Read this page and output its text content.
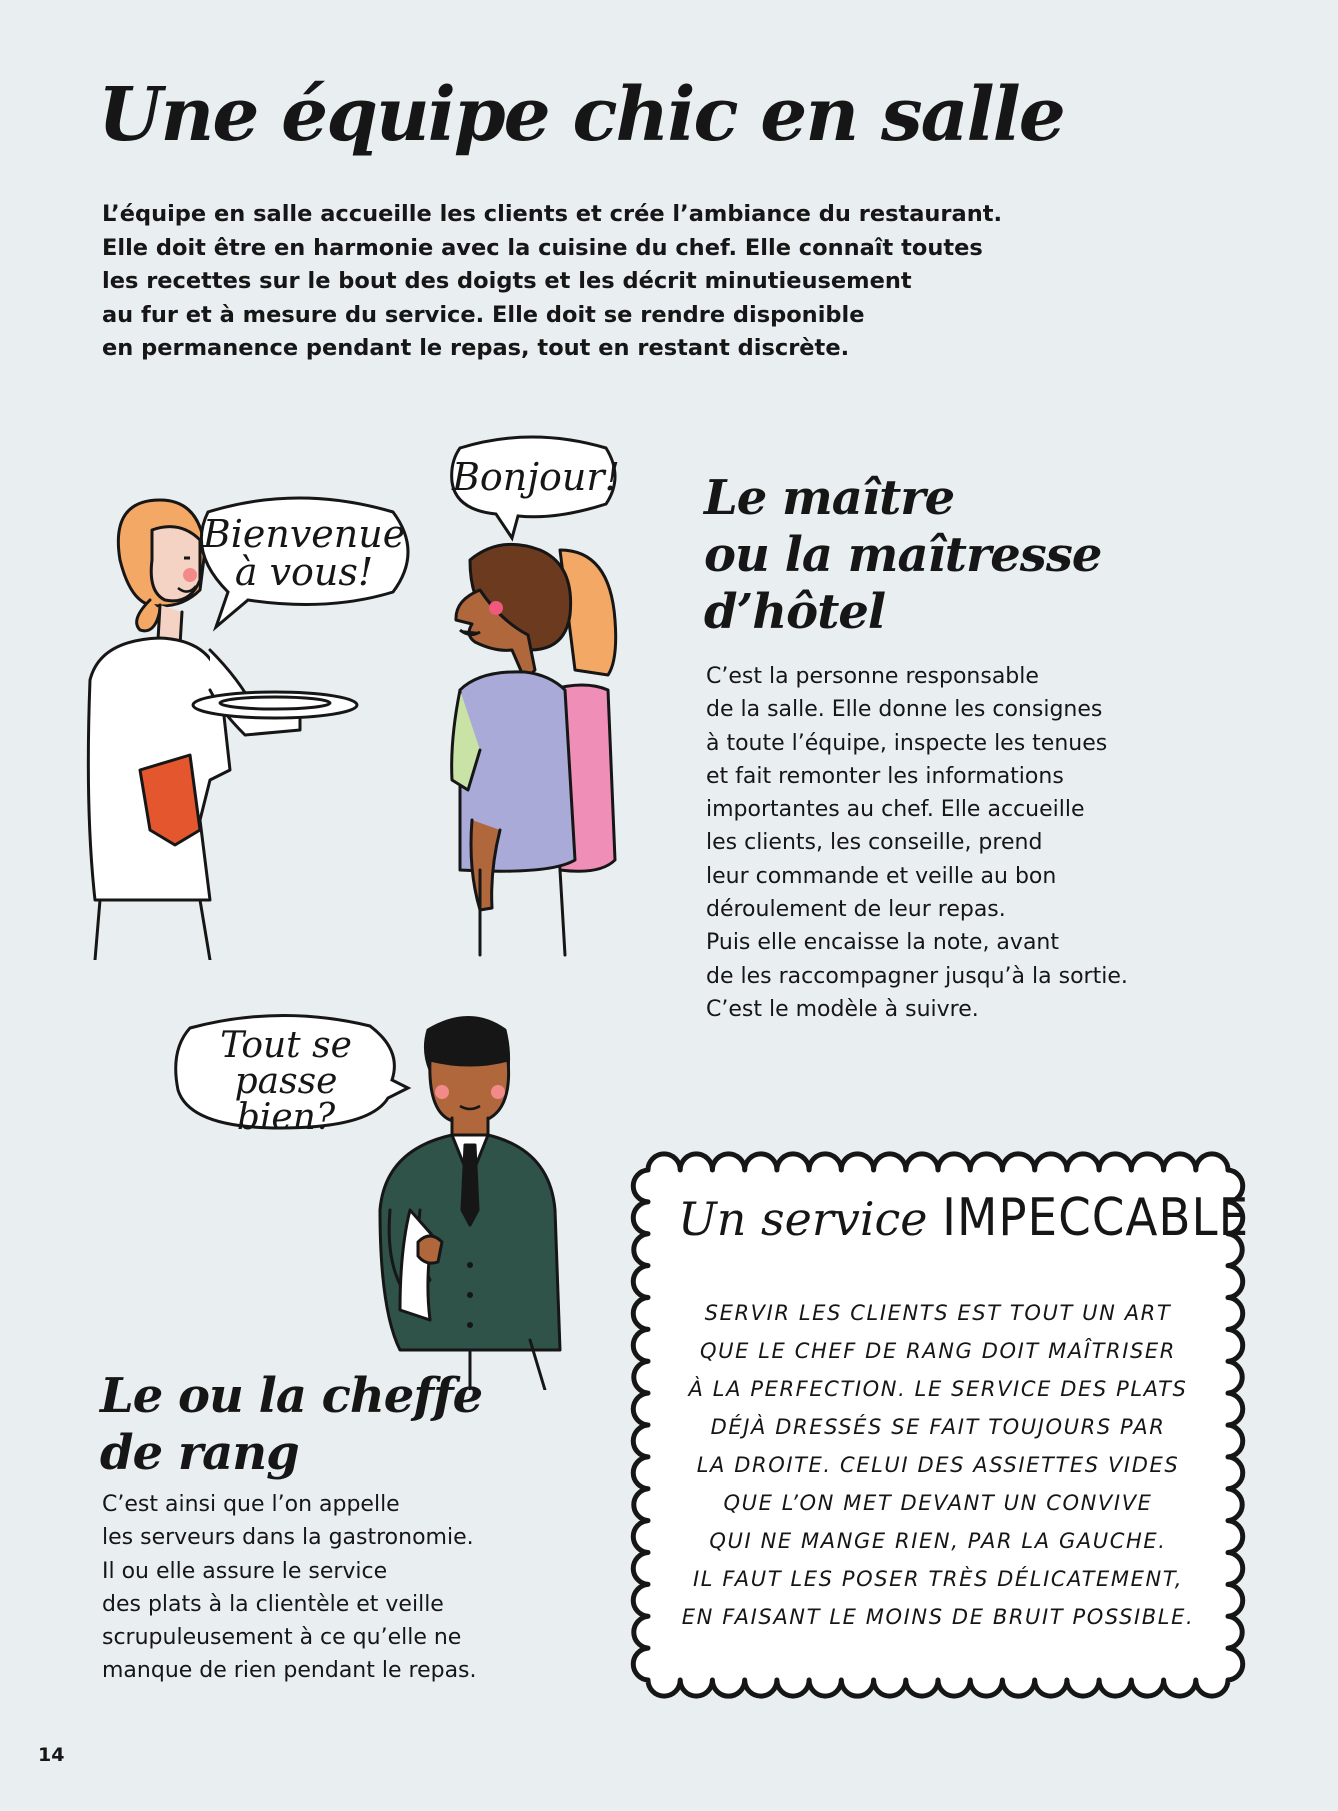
Une équipe chic en salle
L’équipe en salle accueille les clients et crée l’ambiance du restaurant.
Elle doit être en harmonie avec la cuisine du chef. Elle connaît toutes
les recettes sur le bout des doigts et les décrit minutieusement
au fur et à mesure du service. Elle doit se rendre disponible
en permanence pendant le repas, tout en restant discrète.
Bienvenue
à vous!
Bonjour! Le maître
ou la maîtresse
d’hôtel
C’est la personne responsable
de la salle. Elle donne les consignes
à toute l’équipe, inspecte les tenues
et fait remonter les informations
importantes au chef. Elle accueille
les clients, les conseille, prend
leur commande et veille au bon
déroulement de leur repas.
Puis elle encaisse la note, avant
de les raccompagner jusqu’à la sortie.
C’est le modèle à suivre.
Tout se
passe bien?
Le ou la cheffe
de rang
C’est ainsi que l’on appelle
les serveurs dans la gastronomie.
Il ou elle assure le service
des plats à la clientèle et veille
scrupuleusement à ce qu’elle ne
manque de rien pendant le repas.
Un service IMPECCABLE
SERVIR LES CLIENTS EST TOUT UN ART
QUE LE CHEF DE RANG DOIT MAÎTRISER
À LA PERFECTION. LE SERVICE DES PLATS
DÉJÀ DRESSÉS SE FAIT TOUJOURS PAR
LA DROITE. CELUI DES ASSIETTES VIDES
QUE L’ON MET DEVANT UN CONVIVE
QUI NE MANGE RIEN, PAR LA GAUCHE.
IL FAUT LES POSER TRÈS DÉLICATEMENT,
EN FAISANT LE MOINS DE BRUIT POSSIBLE.
14
